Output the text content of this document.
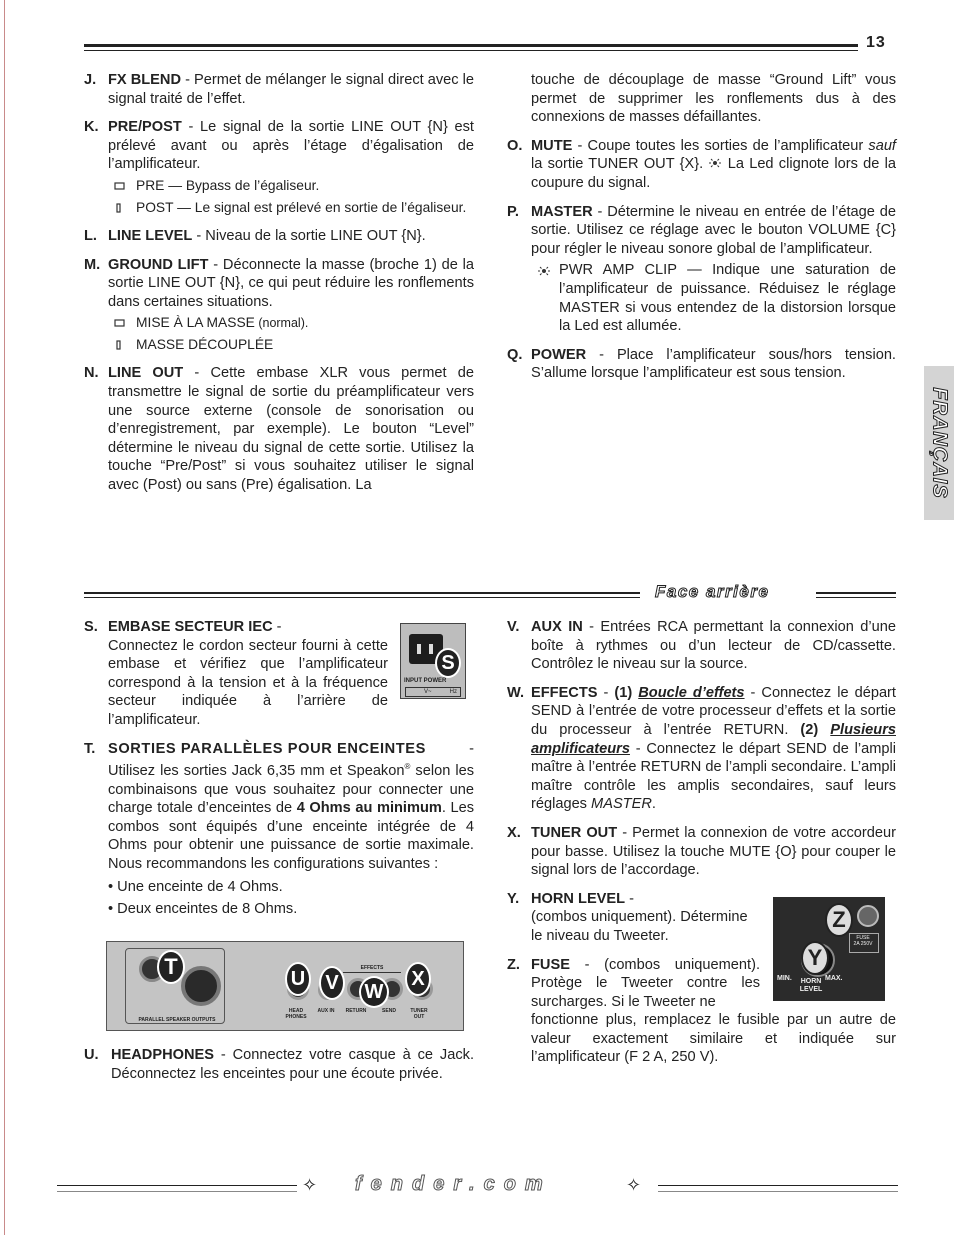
13
FRANÇAIS
J. FX BLEND - Permet de mélanger le signal direct avec le signal traité de l’effet.
K. PRE/POST - Le signal de la sortie LINE OUT {N} est prélevé avant ou après l’étage d’égalisation de l’amplificateur.
PRE — Bypass de l’égaliseur.
POST — Le signal est prélevé en sortie de l’égaliseur.
L. LINE LEVEL - Niveau de la sortie LINE OUT {N}.
M. GROUND LIFT - Déconnecte la masse (broche 1) de la sortie LINE OUT {N}, ce qui peut réduire les ronflements dans certaines situations.
MISE À LA MASSE (normal).
MASSE DÉCOUPLÉE
N. LINE OUT - Cette embase XLR vous permet de transmettre le signal de sortie du préamplificateur vers une source externe (console de sonorisation ou d’enregistrement, par exemple). Le bouton “Level” détermine le niveau du signal de cette sortie. Utilisez la touche “Pre/Post” si vous souhaitez utiliser le signal avec (Post) ou sans (Pre) égalisation. La
touche de découplage de masse “Ground Lift” vous permet de supprimer les ronflements dus à des connexions de masses défaillantes.
O. MUTE - Coupe toutes les sorties de l’amplificateur sauf la sortie TUNER OUT {X}.  La Led clignote lors de la coupure du signal.
P. MASTER - Détermine le niveau en entrée de l’étage de sortie. Utilisez ce réglage avec le bouton VOLUME {C} pour régler le niveau sonore global de l’amplificateur.
PWR AMP CLIP — Indique une saturation de l’amplificateur de puissance. Réduisez le réglage MASTER si vous entendez de la distorsion lorsque la Led est allumée.
Q. POWER - Place l’amplificateur sous/hors tension. S’allume lorsque l’amplificateur est sous tension.
Face arrière
S. EMBASE SECTEUR IEC -
Connectez le cordon secteur fourni à cette embase et vérifiez que l’amplificateur correspond à la tension et à la fréquence secteur indiquée à l’arrière de l’amplificateur.
T. SORTIES PARALLÈLES POUR ENCEINTES	-
Utilisez les sorties Jack 6,35 mm et Speakon® selon les combinaisons que vous souhaitez pour connecter une charge totale d’enceintes de 4 Ohms au minimum. Les combos sont équipés d’une enceinte intégrée de 4 Ohms pour obtenir une puissance de sortie maximale. Nous recommandons les configurations suivantes :
• Une enceinte de 4 Ohms.
• Deux enceintes de 8 Ohms.
S
INPUT POWER
V~	Hz
T
PARALLEL SPEAKER OUTPUTS
EFFECTS
U	V	W
X
HEAD PHONES
AUX IN	RETURN	SEND	TUNER OUT
U. HEADPHONES - Connectez votre casque à ce Jack. Déconnectez les enceintes pour une écoute privée.
V. AUX IN - Entrées RCA permettant la connexion d’une boîte à rythmes ou d’un lecteur de CD/cassette. Contrôlez le niveau sur la source.
W. EFFECTS - (1) Boucle d’effets - Connectez le départ SEND à l’entrée de votre processeur d’effets et la sortie du processeur à l’entrée RETURN. (2) Plusieurs amplificateurs - Connectez le départ SEND de l’ampli maître à l’entrée RETURN de l’ampli secondaire. L’ampli maître contrôle les amplis secondaires, sauf leurs réglages MASTER.
X. TUNER OUT - Permet la connexion de votre accordeur pour basse. Utilisez la touche MUTE {O} pour couper le signal lors de l’accordage.
Y. HORN LEVEL -
(combos uniquement). Détermine le niveau du Tweeter.
Z. FUSE - (combos uniquement). Protège le Tweeter contre les surcharges. Si le Tweeter ne
fonctionne plus, remplacez le fusible par un autre de valeur exactement similaire et indiquée sur l’amplificateur (F 2 A, 250 V).
FUSE
2A 250V
Z
Y
MIN.	MAX.
HORN
LEVEL
✧ fender.com	✧
